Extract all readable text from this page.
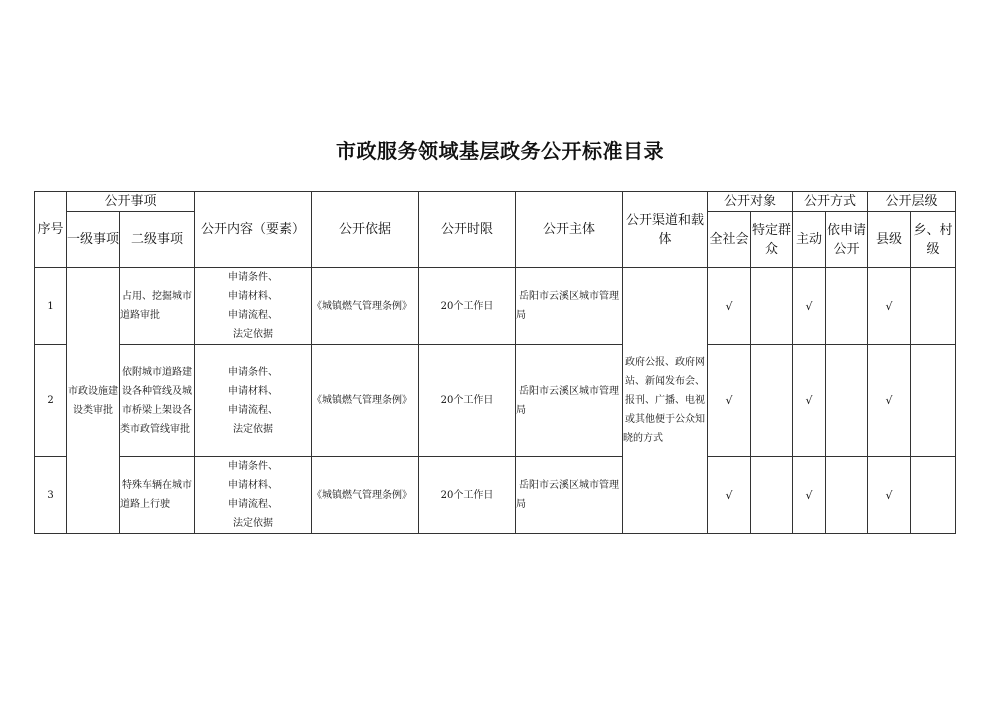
市政服务领域基层政务公开标准目录
序号	公开事项		公开内容（要素）	公开依据	公开时限	公开主体	公开渠道和载体	公开对象		公开方式		公开层级	
	一级事项	二级事项						全社会	特定群众	主动	依申请公开	县级	乡、村级
1	市政设施建设类审批	占用、挖掘城市道路审批	申请条件、
申请材料、
申请流程、
法定依据	《城镇燃气管理条例》	20个工作日	岳阳市云溪区城市管理局	政府公报、政府网站、新闻发布会、报刊、广播、电视或其他便于公众知晓的方式	√		√		√	
2		依附城市道路建设各种管线及城市桥梁上架设各类市政管线审批	申请条件、
申请材料、
申请流程、
法定依据	《城镇燃气管理条例》	20个工作日	岳阳市云溪区城市管理局		√		√		√	
3		特殊车辆在城市道路上行驶	申请条件、
申请材料、
申请流程、
法定依据	《城镇燃气管理条例》	20个工作日	岳阳市云溪区城市管理局		√		√		√	
